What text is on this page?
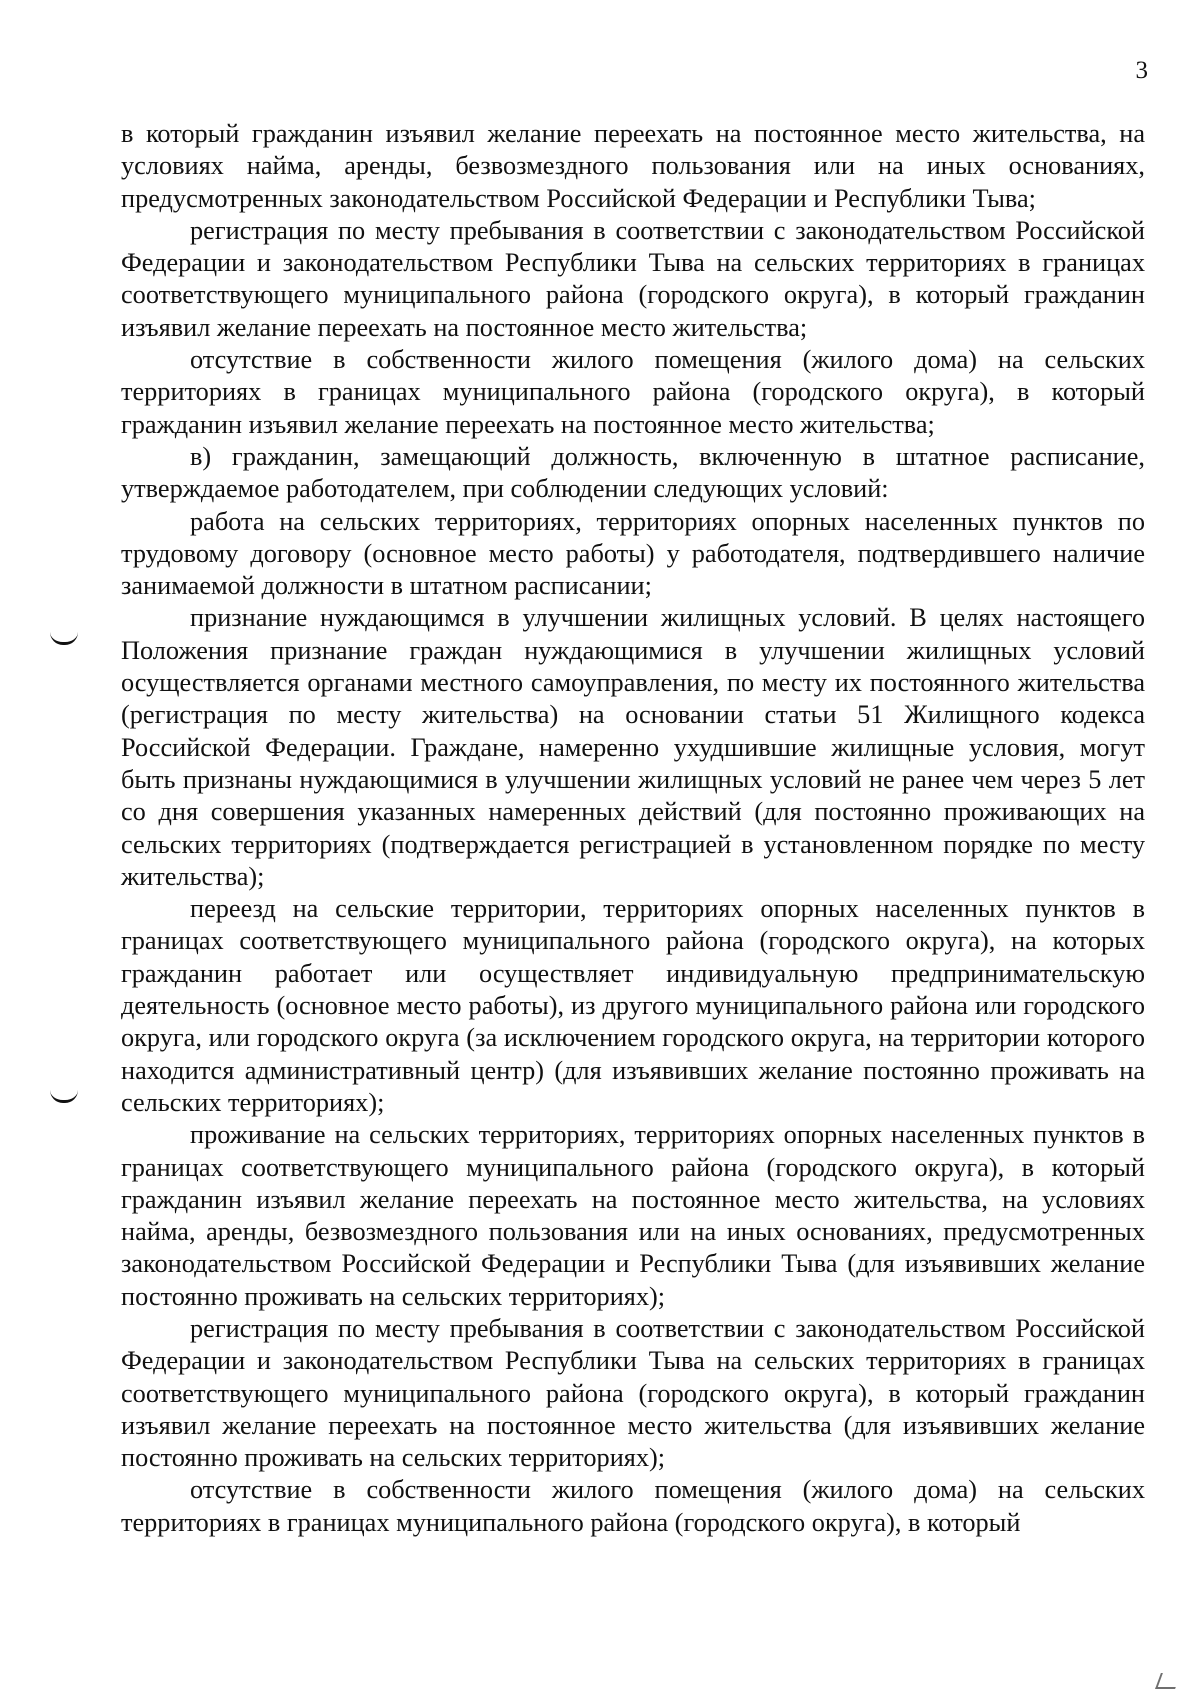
3

в который гражданин изъявил желание переехать на постоянное место жительства, на условиях найма, аренды, безвозмездного пользования или на иных основаниях, предусмотренных законодательством Российской Федерации и Республики Тыва;

регистрация по месту пребывания в соответствии с законодательством Российской Федерации и законодательством Республики Тыва на сельских территориях в границах соответствующего муниципального района (городского округа), в который гражданин изъявил желание переехать на постоянное место жительства;

отсутствие в собственности жилого помещения (жилого дома) на сельских территориях в границах муниципального района (городского округа), в который гражданин изъявил желание переехать на постоянное место жительства;

в) гражданин, замещающий должность, включенную в штатное расписание, утверждаемое работодателем, при соблюдении следующих условий:

работа на сельских территориях, территориях опорных населенных пунктов по трудовому договору (основное место работы) у работодателя, подтвердившего наличие занимаемой должности в штатном расписании;

признание нуждающимся в улучшении жилищных условий. В целях настоящего Положения признание граждан нуждающимися в улучшении жилищных условий осуществляется органами местного самоуправления, по месту их постоянного жительства (регистрация по месту жительства) на основании статьи 51 Жилищного кодекса Российской Федерации. Граждане, намеренно ухудшившие жилищные условия, могут быть признаны нуждающимися в улучшении жилищных условий не ранее чем через 5 лет со дня совершения указанных намеренных действий (для постоянно проживающих на сельских территориях (подтверждается регистрацией в установленном порядке по месту жительства);

переезд на сельские территории, территориях опорных населенных пунктов в границах соответствующего муниципального района (городского округа), на которых гражданин работает или осуществляет индивидуальную предпринимательскую деятельность (основное место работы), из другого муниципального района или городского округа, или городского округа (за исключением городского округа, на территории которого находится административный центр) (для изъявивших желание постоянно проживать на сельских территориях);

проживание на сельских территориях, территориях опорных населенных пунктов в границах соответствующего муниципального района (городского округа), в который гражданин изъявил желание переехать на постоянное место жительства, на условиях найма, аренды, безвозмездного пользования или на иных основаниях, предусмотренных законодательством Российской Федерации и Республики Тыва (для изъявивших желание постоянно проживать на сельских территориях);

регистрация по месту пребывания в соответствии с законодательством Российской Федерации и законодательством Республики Тыва на сельских территориях в границах соответствующего муниципального района (городского округа), в который гражданин изъявил желание переехать на постоянное место жительства (для изъявивших желание постоянно проживать на сельских территориях);

отсутствие в собственности жилого помещения (жилого дома) на сельских территориях в границах муниципального района (городского округа), в который
